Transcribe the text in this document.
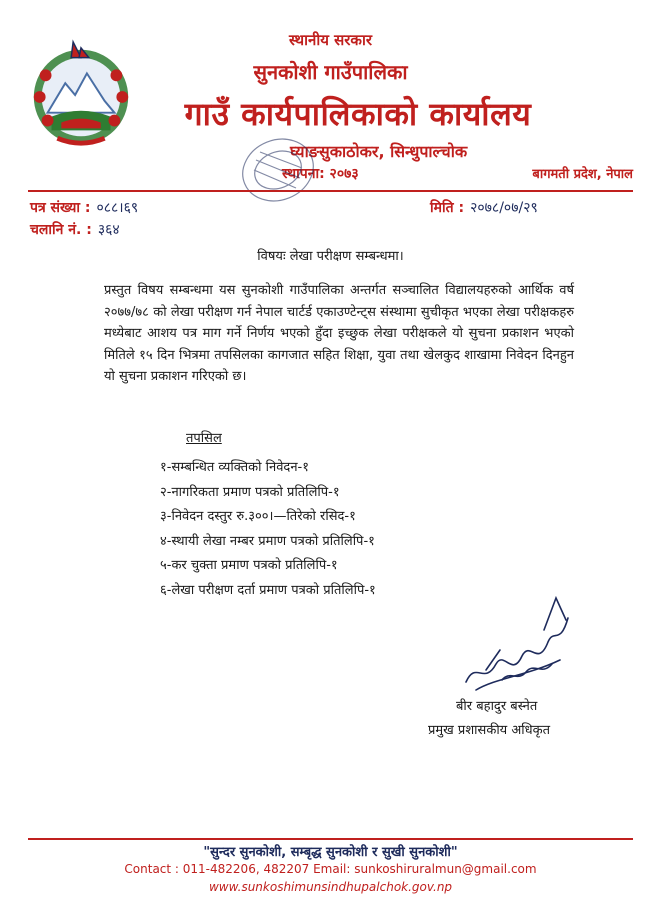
स्थानीय सरकार
सुनकोशी गाउँपालिका
गाउँ कार्यपालिकाको कार्यालय
घ्याङसुकाठोकर, सिन्धुपाल्चोक
स्थापना: २०७३	बागमती प्रदेश, नेपाल
पत्र संख्या : ०८८।६९
चलानि नं. : ३६४
मिति : २०७८/०७/२९
विषयः लेखा परीक्षण सम्बन्धमा।
प्रस्तुत विषय सम्बन्धमा यस सुनकोशी गाउँपालिका अन्तर्गत सञ्चालित विद्यालयहरुको आर्थिक वर्ष २०७७/७८ को लेखा परीक्षण गर्न नेपाल चार्टर्ड एकाउण्टेन्ट्स संस्थामा सुचीकृत भएका लेखा परीक्षकहरु मध्येबाट आशय पत्र माग गर्ने निर्णय भएको हुँदा इच्छुक लेखा परीक्षकले यो सुचना प्रकाशन भएको मितिले १५ दिन भित्रमा तपसिलका कागजात सहित शिक्षा, युवा तथा खेलकुद शाखामा निवेदन दिनहुन यो सुचना प्रकाशन गरिएको छ।
तपसिल
१-सम्बन्धित व्यक्तिको निवेदन-१
२-नागरिकता प्रमाण पत्रको प्रतिलिपि-१
३-निवेदन दस्तुर रु.३००।—तिरेको रसिद-१
४-स्थायी लेखा नम्बर प्रमाण पत्रको प्रतिलिपि-१
५-कर चुक्ता प्रमाण पत्रको प्रतिलिपि-१
६-लेखा परीक्षण दर्ता प्रमाण पत्रको प्रतिलिपि-१
बीर बहादुर बस्नेत
प्रमुख प्रशासकीय अधिकृत
"सुन्दर सुनकोशी, सम्बृद्ध सुनकोशी र सुखी सुनकोशी"
Contact : 011-482206, 482207 Email: sunkoshiruralmun@gmail.com
www.sunkoshimunsindhupalchok.gov.np
